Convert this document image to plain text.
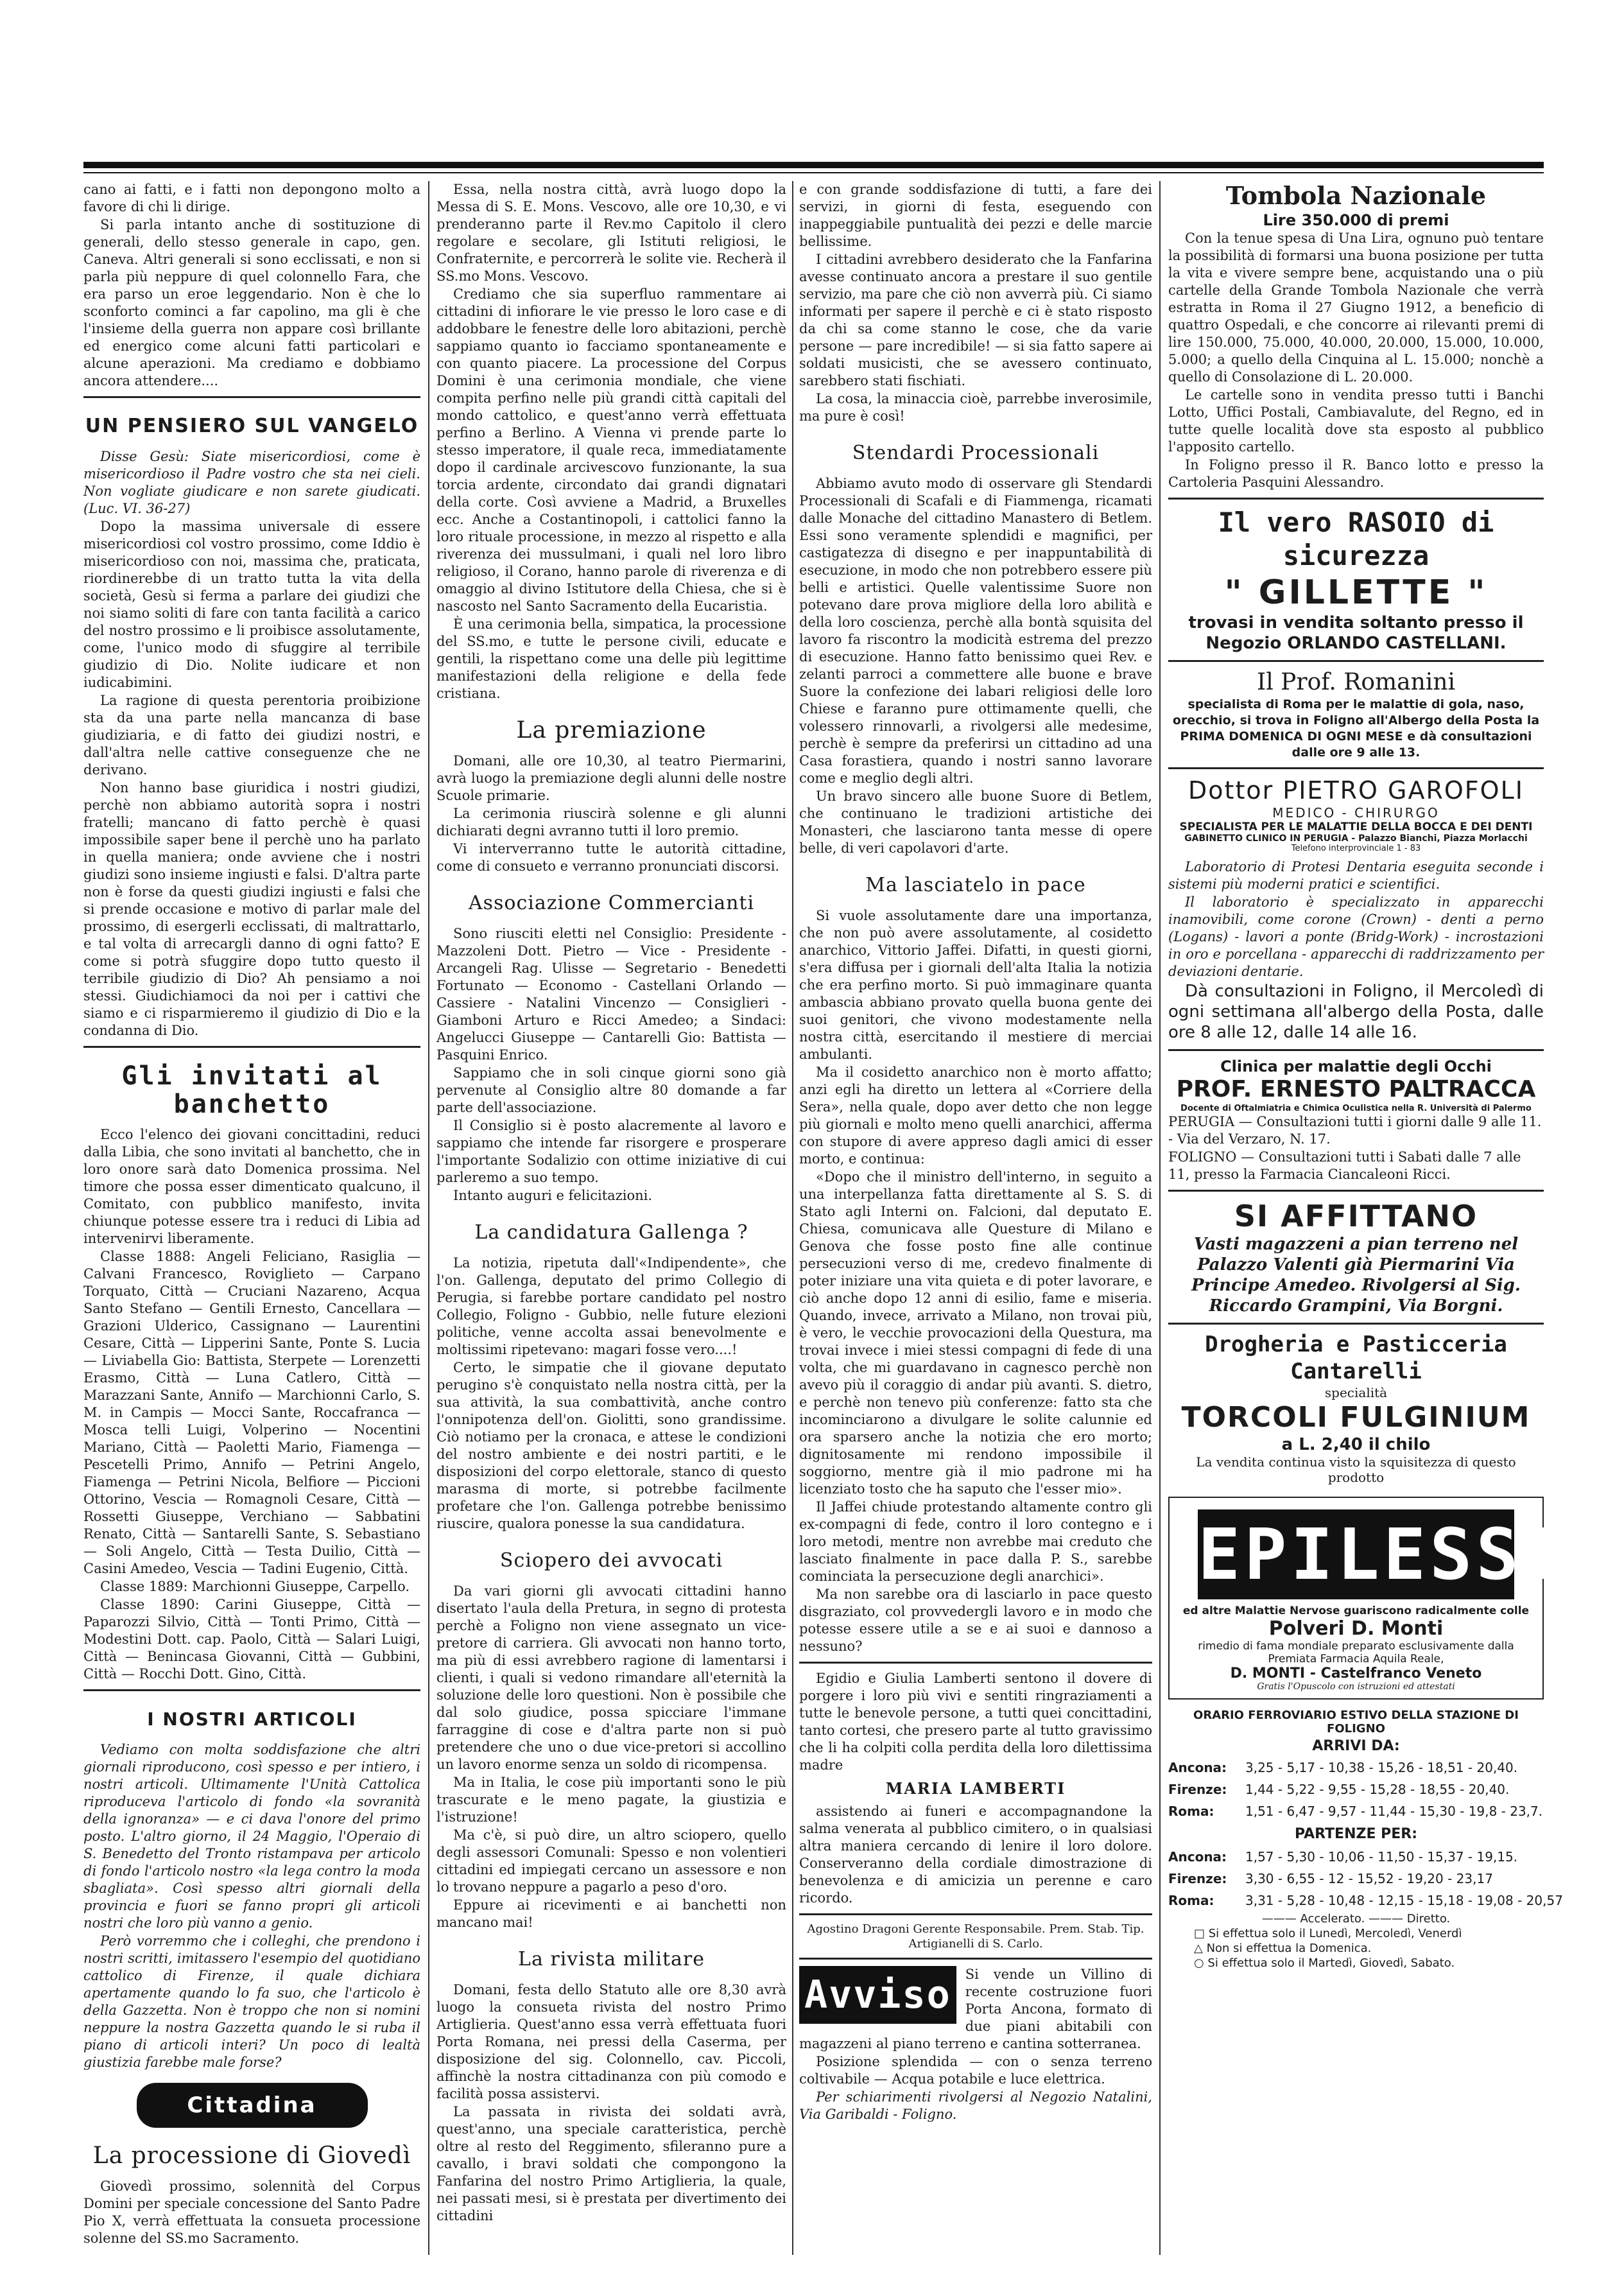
cano ai fatti, e i fatti non depongono molto a favore di chi li dirige.

Si parla intanto anche di sostituzione di generali, dello stesso generale in capo, gen. Caneva. Altri generali si sono ecclissati, e non si parla più neppure di quel colonnello Fara, che era parso un eroe leggendario. Non è che lo sconforto cominci a far capolino, ma gli è che l'insieme della guerra non appare così brillante ed energico come alcuni fatti particolari e alcune aperazioni. Ma crediamo e dobbiamo ancora attendere....

UN PENSIERO SUL VANGELO

Disse Gesù: Siate misericordiosi, come è misericordioso il Padre vostro che sta nei cieli. Non vogliate giudicare e non sarete giudicati. (Luc. VI. 36-27)

Dopo la massima universale di essere misericordiosi col vostro prossimo, come Iddio è misericordioso con noi, massima che, praticata, riordinerebbe di un tratto tutta la vita della società, Gesù si ferma a parlare dei giudizi che noi siamo soliti di fare con tanta facilità a carico del nostro prossimo e li proibisce assolutamente, come, l'unico modo di sfuggire al terribile giudizio di Dio. Nolite iudicare et non iudicabimini.

La ragione di questa perentoria proibizione sta da una parte nella mancanza di base giudiziaria, e di fatto dei giudizi nostri, e dall'altra nelle cattive conseguenze che ne derivano.

Non hanno base giuridica i nostri giudizi, perchè non abbiamo autorità sopra i nostri fratelli; mancano di fatto perchè è quasi impossibile saper bene il perchè uno ha parlato in quella maniera; onde avviene che i nostri giudizi sono insieme ingiusti e falsi. D'altra parte non è forse da questi giudizi ingiusti e falsi che si prende occasione e motivo di parlar male del prossimo, di esergerli ecclissati, di maltrattarlo, e tal volta di arrecargli danno di ogni fatto? E come si potrà sfuggire dopo tutto questo il terribile giudizio di Dio? Ah pensiamo a noi stessi. Giudichiamoci da noi per i cattivi che siamo e ci risparmieremo il giudizio di Dio e la condanna di Dio.

Gli invitati al banchetto

Ecco l'elenco dei giovani concittadini, reduci dalla Libia, che sono invitati al banchetto, che in loro onore sarà dato Domenica prossima. Nel timore che possa esser dimenticato qualcuno, il Comitato, con pubblico manifesto, invita chiunque potesse essere tra i reduci di Libia ad intervenirvi liberamente.

Classe 1888: Angeli Feliciano, Rasiglia — Calvani Francesco, Roviglieto — Carpano Torquato, Città — Cruciani Nazareno, Acqua Santo Stefano — Gentili Ernesto, Cancellara — Grazioni Ulderico, Cassignano — Laurentini Cesare, Città — Lipperini Sante, Ponte S. Lucia — Liviabella Gio: Battista, Sterpete — Lorenzetti Erasmo, Città — Luna Catlero, Città — Marazzani Sante, Annifo — Marchionni Carlo, S. M. in Campis — Mocci Sante, Roccafranca — Mosca telli Luigi, Volperino — Nocentini Mariano, Città — Paoletti Mario, Fiamenga — Pescetelli Primo, Annifo — Petrini Angelo, Fiamenga — Petrini Nicola, Belfiore — Piccioni Ottorino, Vescia — Romagnoli Cesare, Città — Rossetti Giuseppe, Verchiano — Sabbatini Renato, Città — Santarelli Sante, S. Sebastiano — Soli Angelo, Città — Testa Duilio, Città — Casini Amedeo, Vescia — Tadini Eugenio, Città.

Classe 1889: Marchionni Giuseppe, Carpello.

Classe 1890: Carini Giuseppe, Città — Paparozzi Silvio, Città — Tonti Primo, Città — Modestini Dott. cap. Paolo, Città — Salari Luigi, Città — Benincasa Giovanni, Città — Gubbini, Città — Rocchi Dott. Gino, Città.

I NOSTRI ARTICOLI

Vediamo con molta soddisfazione che altri giornali riproducono, così spesso e per intiero, i nostri articoli. Ultimamente l'Unità Cattolica riproduceva l'articolo di fondo «la sovranità della ignoranza» — e ci dava l'onore del primo posto. L'altro giorno, il 24 Maggio, l'Operaio di S. Benedetto del Tronto ristampava per articolo di fondo l'articolo nostro «la lega contro la moda sbagliata». Così spesso altri giornali della provincia e fuori se fanno propri gli articoli nostri che loro più vanno a genio.

Però vorremmo che i colleghi, che prendono i nostri scritti, imitassero l'esempio del quotidiano cattolico di Firenze, il quale dichiara apertamente quando lo fa suo, che l'articolo è della Gazzetta. Non è troppo che non si nomini neppure la nostra Gazzetta quando le si ruba il piano di articoli interi? Un poco di lealtà giustizia farebbe male forse?

Cittadina
La processione di Giovedì

Giovedì prossimo, solennità del Corpus Domini per speciale concessione del Santo Padre Pio X, verrà effettuata la consueta processione solenne del SS.mo Sacramento.

Essa, nella nostra città, avrà luogo dopo la Messa di S. E. Mons. Vescovo, alle ore 10,30, e vi prenderanno parte il Rev.mo Capitolo il clero regolare e secolare, gli Istituti religiosi, le Confraternite, e percorrerà le solite vie. Recherà il SS.mo Mons. Vescovo.

Crediamo che sia superfluo rammentare ai cittadini di infiorare le vie presso le loro case e di addobbare le fenestre delle loro abitazioni, perchè sappiamo quanto io facciamo spontaneamente e con quanto piacere. La processione del Corpus Domini è una cerimonia mondiale, che viene compita perfino nelle più grandi città capitali del mondo cattolico, e quest'anno verrà effettuata perfino a Berlino. A Vienna vi prende parte lo stesso imperatore, il quale reca, immediatamente dopo il cardinale arcivescovo funzionante, la sua torcia ardente, circondato dai grandi dignatari della corte. Così avviene a Madrid, a Bruxelles ecc. Anche a Costantinopoli, i cattolici fanno la loro rituale processione, in mezzo al rispetto e alla riverenza dei mussulmani, i quali nel loro libro religioso, il Corano, hanno parole di riverenza e di omaggio al divino Istitutore della Chiesa, che si è nascosto nel Santo Sacramento della Eucaristia.

È una cerimonia bella, simpatica, la processione del SS.mo, e tutte le persone civili, educate e gentili, la rispettano come una delle più legittime manifestazioni della religione e della fede cristiana.

La premiazione

Domani, alle ore 10,30, al teatro Piermarini, avrà luogo la premiazione degli alunni delle nostre Scuole primarie.

La cerimonia riuscirà solenne e gli alunni dichiarati degni avranno tutti il loro premio.

Vi interverranno tutte le autorità cittadine, come di consueto e verranno pronunciati discorsi.

Associazione Commercianti

Sono riusciti eletti nel Consiglio: Presidente - Mazzoleni Dott. Pietro — Vice - Presidente - Arcangeli Rag. Ulisse — Segretario - Benedetti Fortunato — Economo - Castellani Orlando — Cassiere - Natalini Vincenzo — Consiglieri - Giamboni Arturo e Ricci Amedeo; a Sindaci: Angelucci Giuseppe — Cantarelli Gio: Battista — Pasquini Enrico.

Sappiamo che in soli cinque giorni sono già pervenute al Consiglio altre 80 domande a far parte dell'associazione.

Il Consiglio si è posto alacremente al lavoro e sappiamo che intende far risorgere e prosperare l'importante Sodalizio con ottime iniziative di cui parleremo a suo tempo.

Intanto auguri e felicitazioni.

La candidatura Gallenga ?

La notizia, ripetuta dall'«Indipendente», che l'on. Gallenga, deputato del primo Collegio di Perugia, si farebbe portare candidato pel nostro Collegio, Foligno - Gubbio, nelle future elezioni politiche, venne accolta assai benevolmente e moltissimi ripetevano: magari fosse vero....!

Certo, le simpatie che il giovane deputato perugino s'è conquistato nella nostra città, per la sua attività, la sua combattività, anche contro l'onnipotenza dell'on. Giolitti, sono grandissime. Ciò notiamo per la cronaca, e attese le condizioni del nostro ambiente e dei nostri partiti, e le disposizioni del corpo elettorale, stanco di questo marasma di morte, si potrebbe facilmente profetare che l'on. Gallenga potrebbe benissimo riuscire, qualora ponesse la sua candidatura.

Sciopero dei avvocati

Da vari giorni gli avvocati cittadini hanno disertato l'aula della Pretura, in segno di protesta perchè a Foligno non viene assegnato un vice-pretore di carriera. Gli avvocati non hanno torto, ma più di essi avrebbero ragione di lamentarsi i clienti, i quali si vedono rimandare all'eternità la soluzione delle loro questioni. Non è possibile che dal solo giudice, possa spicciare l'immane farraggine di cose e d'altra parte non si può pretendere che uno o due vice-pretori si accollino un lavoro enorme senza un soldo di ricompensa.

Ma in Italia, le cose più importanti sono le più trascurate e le meno pagate, la giustizia e l'istruzione!

Ma c'è, si può dire, un altro sciopero, quello degli assessori Comunali: Spesso e non volentieri cittadini ed impiegati cercano un assessore e non lo trovano neppure a pagarlo a peso d'oro.

Eppure ai ricevimenti e ai banchetti non mancano mai!

La rivista militare

Domani, festa dello Statuto alle ore 8,30 avrà luogo la consueta rivista del nostro Primo Artiglieria. Quest'anno essa verrà effettuata fuori Porta Romana, nei pressi della Caserma, per disposizione del sig. Colonnello, cav. Piccoli, affinchè la nostra cittadinanza con più comodo e facilità possa assistervi.

La passata in rivista dei soldati avrà, quest'anno, una speciale caratteristica, perchè oltre al resto del Reggimento, sfileranno pure a cavallo, i bravi soldati che compongono la Fanfarina del nostro Primo Artiglieria, la quale, nei passati mesi, si è prestata per divertimento dei cittadini

e con grande soddisfazione di tutti, a fare dei servizi, in giorni di festa, eseguendo con inappeggiabile puntualità dei pezzi e delle marcie bellissime.

I cittadini avrebbero desiderato che la Fanfarina avesse continuato ancora a prestare il suo gentile servizio, ma pare che ciò non avverrà più. Ci siamo informati per sapere il perchè e ci è stato risposto da chi sa come stanno le cose, che da varie persone — pare incredibile! — si sia fatto sapere ai soldati musicisti, che se avessero continuato, sarebbero stati fischiati.

La cosa, la minaccia cioè, parrebbe inverosimile, ma pure è così!

Stendardi Processionali

Abbiamo avuto modo di osservare gli Stendardi Processionali di Scafali e di Fiammenga, ricamati dalle Monache del cittadino Manastero di Betlem. Essi sono veramente splendidi e magnifici, per castigatezza di disegno e per inappuntabilità di esecuzione, in modo che non potrebbero essere più belli e artistici. Quelle valentissime Suore non potevano dare prova migliore della loro abilità e della loro coscienza, perchè alla bontà squisita del lavoro fa riscontro la modicità estrema del prezzo di esecuzione. Hanno fatto benissimo quei Rev. e zelanti parroci a commettere alle buone e brave Suore la confezione dei labari religiosi delle loro Chiese e faranno pure ottimamente quelli, che volessero rinnovarli, a rivolgersi alle medesime, perchè è sempre da preferirsi un cittadino ad una Casa forastiera, quando i nostri sanno lavorare come e meglio degli altri.

Un bravo sincero alle buone Suore di Betlem, che continuano le tradizioni artistiche dei Monasteri, che lasciarono tanta messe di opere belle, di veri capolavori d'arte.

Ma lasciatelo in pace

Si vuole assolutamente dare una importanza, che non può avere assolutamente, al cosidetto anarchico, Vittorio Jaffei. Difatti, in questi giorni, s'era diffusa per i giornali dell'alta Italia la notizia che era perfino morto. Si può immaginare quanta ambascia abbiano provato quella buona gente dei suoi genitori, che vivono modestamente nella nostra città, esercitando il mestiere di merciai ambulanti.

Ma il cosidetto anarchico non è morto affatto; anzi egli ha diretto un lettera al «Corriere della Sera», nella quale, dopo aver detto che non legge più giornali e molto meno quelli anarchici, afferma con stupore di avere appreso dagli amici di esser morto, e continua:

«Dopo che il ministro dell'interno, in seguito a una interpellanza fatta direttamente al S. S. di Stato agli Interni on. Falcioni, dal deputato E. Chiesa, comunicava alle Questure di Milano e Genova che fosse posto fine alle continue persecuzioni verso di me, credevo finalmente di poter iniziare una vita quieta e di poter lavorare, e ciò anche dopo 12 anni di esilio, fame e miseria. Quando, invece, arrivato a Milano, non trovai più, è vero, le vecchie provocazioni della Questura, ma trovai invece i miei stessi compagni di fede di una volta, che mi guardavano in cagnesco perchè non avevo più il coraggio di andar più avanti. S. dietro, e perchè non tenevo più conferenze: fatto sta che incominciarono a divulgare le solite calunnie ed ora sparsero anche la notizia che ero morto; dignitosamente mi rendono impossibile il soggiorno, mentre già il mio padrone mi ha licenziato tosto che ha saputo che l'esser mio».

Il Jaffei chiude protestando altamente contro gli ex-compagni di fede, contro il loro contegno e i loro metodi, mentre non avrebbe mai creduto che lasciato finalmente in pace dalla P. S., sarebbe cominciata la persecuzione degli anarchici».

Ma non sarebbe ora di lasciarlo in pace questo disgraziato, col provvedergli lavoro e in modo che potesse essere utile a se e ai suoi e dannoso a nessuno?

Egidio e Giulia Lamberti sentono il dovere di porgere i loro più vivi e sentiti ringraziamenti a tutte le benevole persone, a tutti quei concittadini, tanto cortesi, che presero parte al tutto gravissimo che li ha colpiti colla perdita della loro dilettissima madre

MARIA LAMBERTI

assistendo ai funeri e accompagnandone la salma venerata al pubblico cimitero, o in qualsiasi altra maniera cercando di lenire il loro dolore. Conserveranno della cordiale dimostrazione di benevolenza e di amicizia un perenne e caro ricordo.

Agostino Dragoni Gerente Responsabile. Prem. Stab. Tip. Artigianelli di S. Carlo.

Avviso	Si vende un Villino di recente costruzione fuori Porta Ancona, formato di due piani abitabili con magazzeni al piano terreno e cantina sotterranea.

Posizione splendida — con o senza terreno coltivabile — Acqua potabile e luce elettrica.

Per schiarimenti rivolgersi al Negozio Natalini, Via Garibaldi - Foligno.

Tombola Nazionale
Lire 350.000 di premi

Con la tenue spesa di Una Lira, ognuno può tentare la possibilità di formarsi una buona posizione per tutta la vita e vivere sempre bene, acquistando una o più cartelle della Grande Tombola Nazionale che verrà estratta in Roma il 27 Giugno 1912, a beneficio di quattro Ospedali, e che concorre ai rilevanti premi di lire 150.000, 75.000, 40.000, 20.000, 15.000, 10.000, 5.000; a quello della Cinquina al L. 15.000; nonchè a quello di Consolazione di L. 20.000.

Le cartelle sono in vendita presso tutti i Banchi Lotto, Uffici Postali, Cambiavalute, del Regno, ed in tutte quelle località dove sta esposto al pubblico l'apposito cartello.

In Foligno presso il R. Banco lotto e presso la Cartoleria Pasquini Alessandro.

Il vero RASOIO di sicurezza
" GILLETTE "
trovasi in vendita soltanto presso il Negozio ORLANDO CASTELLANI.
Il Prof. Romanini
specialista di Roma per le malattie di gola, naso, orecchio, si trova in Foligno all'Albergo della Posta la PRIMA DOMENICA DI OGNI MESE e dà consultazioni dalle ore 9 alle 13.
Dottor PIETRO GAROFOLI
MEDICO - CHIRURGO
SPECIALISTA PER LE MALATTIE DELLA BOCCA E DEI DENTI
GABINETTO CLINICO IN PERUGIA - Palazzo Bianchi, Piazza Morlacchi
Telefono interprovinciale 1 - 83

Laboratorio di Protesi Dentaria eseguita seconde i sistemi più moderni pratici e scientifici.

Il laboratorio è specializzato in apparecchi inamovibili, come corone (Crown) - denti a perno (Logans) - lavori a ponte (Bridg-Work) - incrostazioni in oro e porcellana - apparecchi di raddrizzamento per deviazioni dentarie.

Dà consultazioni in Foligno, il Mercoledì di ogni settimana all'albergo della Posta, dalle ore 8 alle 12, dalle 14 alle 16.

Clinica per malattie degli Occhi
PROF. ERNESTO PALTRACCA
Docente di Oftalmiatria e Chimica Oculistica nella R. Università di Palermo

PERUGIA — Consultazioni tutti i giorni dalle 9 alle 11. - Via del Verzaro, N. 17.

FOLIGNO — Consultazioni tutti i Sabati dalle 7 alle 11, presso la Farmacia Ciancaleoni Ricci.

SI AFFITTANO
Vasti magazzeni a pian terreno nel Palazzo Valenti già Piermarini Via Principe Amedeo. Rivolgersi al Sig. Riccardo Grampini, Via Borgni.
Drogheria e Pasticceria Cantarelli
specialità
TORCOLI FULGINIUM
a L. 2,40 il chilo
La vendita continua visto la squisitezza di questo prodotto
EPILESSIA
ed altre Malattie Nervose guariscono radicalmente colle
Polveri D. Monti
rimedio di fama mondiale preparato esclusivamente dalla Premiata Farmacia Aquila Reale,
D. MONTI - Castelfranco Veneto
Gratis l'Opuscolo con istruzioni ed attestati
ORARIO FERROVIARIO ESTIVO DELLA STAZIONE DI FOLIGNO
ARRIVI DA:
Ancona: 3,25 - 5,17 - 10,38 - 15,26 - 18,51 - 20,40.
Firenze: 1,44 - 5,22 - 9,55 - 15,28 - 18,55 - 20,40.
Roma: 1,51 - 6,47 - 9,57 - 11,44 - 15,30 - 19,8 - 23,7.
PARTENZE PER:
Ancona: 1,57 - 5,30 - 10,06 - 11,50 - 15,37 - 19,15.
Firenze: 3,30 - 6,55 - 12 - 15,52 - 19,20 - 23,17
Roma: 3,31 - 5,28 - 10,48 - 12,15 - 15,18 - 19,08 - 20,57
——— Accelerato. ——— Diretto.
□ Si effettua solo il Lunedì, Mercoledì, Venerdì
△ Non si effettua la Domenica.
○ Si effettua solo il Martedì, Giovedì, Sabato.
